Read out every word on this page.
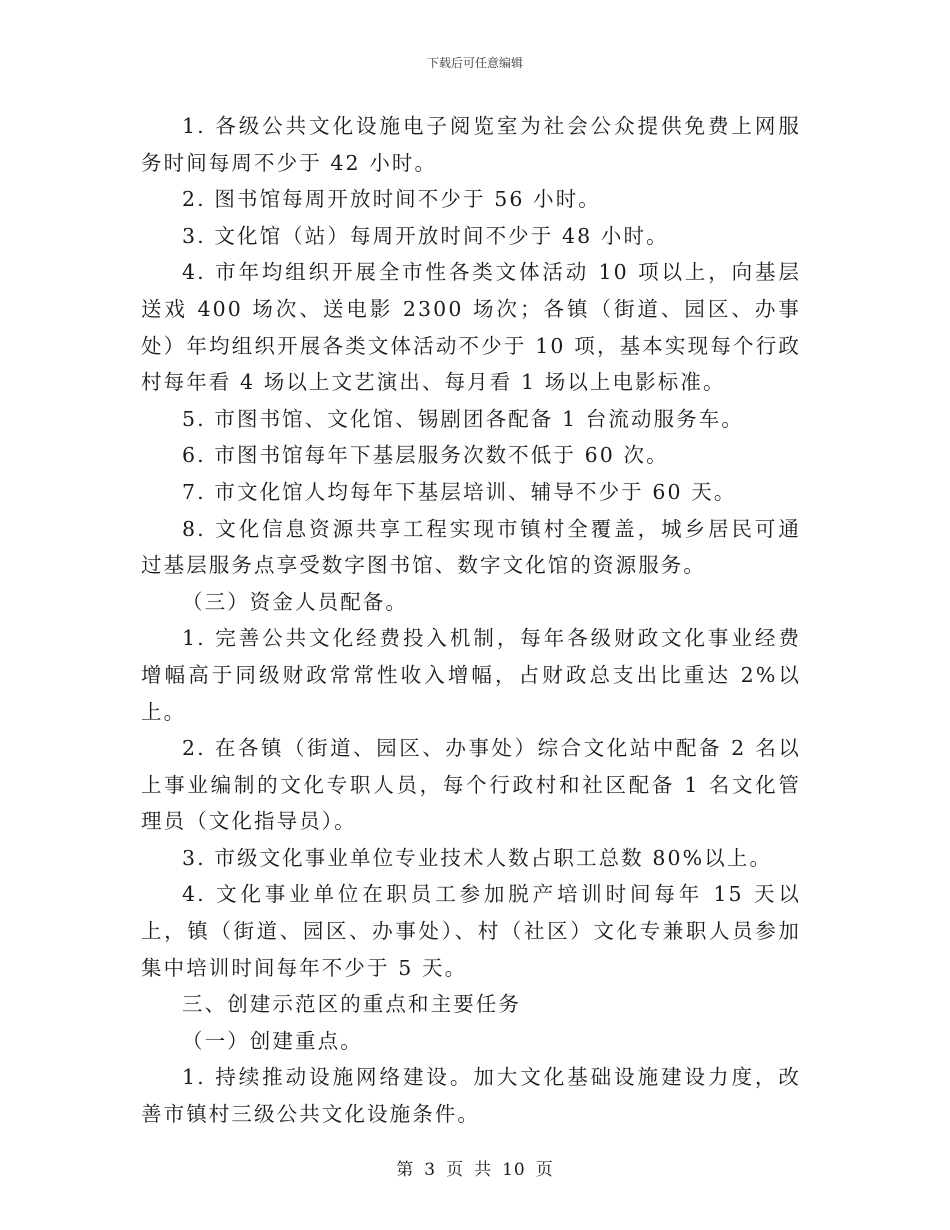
下载后可任意编辑

1. 各级公共文化设施电子阅览室为社会公众提供免费上网服务时间每周不少于 42 小时。

2. 图书馆每周开放时间不少于 56 小时。

3. 文化馆（站）每周开放时间不少于 48 小时。

4. 市年均组织开展全市性各类文体活动 10 项以上，向基层送戏 400 场次、送电影 2300 场次；各镇（街道、园区、办事处）年均组织开展各类文体活动不少于 10 项，基本实现每个行政村每年看 4 场以上文艺演出、每月看 1 场以上电影标准。

5. 市图书馆、文化馆、锡剧团各配备 1 台流动服务车。

6. 市图书馆每年下基层服务次数不低于 60 次。

7. 市文化馆人均每年下基层培训、辅导不少于 60 天。

8. 文化信息资源共享工程实现市镇村全覆盖，城乡居民可通过基层服务点享受数字图书馆、数字文化馆的资源服务。

（三）资金人员配备。

1. 完善公共文化经费投入机制，每年各级财政文化事业经费增幅高于同级财政常常性收入增幅，占财政总支出比重达 2%以上。

2. 在各镇（街道、园区、办事处）综合文化站中配备 2 名以上事业编制的文化专职人员，每个行政村和社区配备 1 名文化管理员（文化指导员）。

3. 市级文化事业单位专业技术人数占职工总数 80%以上。

4. 文化事业单位在职员工参加脱产培训时间每年 15 天以上，镇（街道、园区、办事处）、村（社区）文化专兼职人员参加集中培训时间每年不少于 5 天。

三、创建示范区的重点和主要任务

（一）创建重点。

1. 持续推动设施网络建设。加大文化基础设施建设力度，改善市镇村三级公共文化设施条件。

第 3 页 共 10 页
